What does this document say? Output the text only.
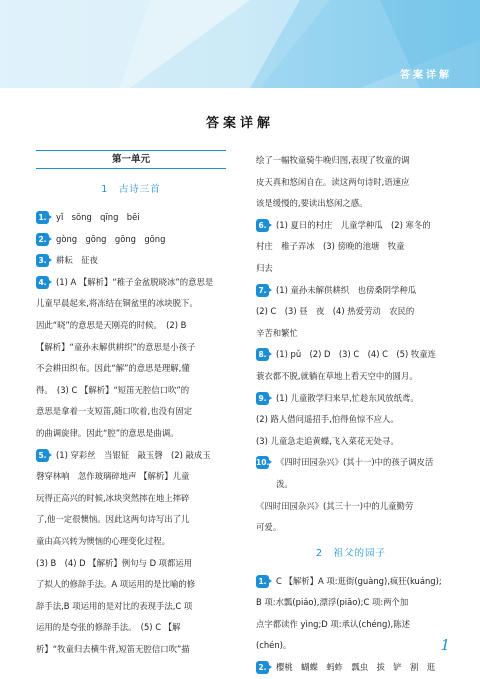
答案详解
答案详解
第一单元
1　古诗三首
1. yǐ　sōng　qīng　bēi
2. gòng　gōng　gōng　gōng
3. 耕耘　征夜
4. (1) A 【解析】“稚子金盆脱晓冰”的意思是
儿童早晨起来,将冻结在铜盆里的冰块脱下。
因此“晓”的意思是天刚亮的时候。　(2) B
【解析】“童孙未解供耕织”的意思是小孩子
不会耕田织布。因此“解”的意思是理解,懂
得。　(3) C 【解析】“短笛无腔信口吹”的
意思是拿着一支短笛,随口吹着,也没有固定
的曲调旋律。因此“腔”的意思是曲调。
5. (1) 穿彩丝　当银钲　敲玉磬　(2) 敲成玉
磬穿林响　忽作玻璃碎地声 【解析】儿童
玩得正高兴的时候,冰块突然摔在地上摔碎
了,他一定很懊恼。因此这两句诗写出了儿
童由高兴转为懊恼的心理变化过程。
(3) B　(4) D 【解析】例句与 D 项都运用
了拟人的修辞手法。A 项运用的是比喻的修
辞手法,B 项运用的是对比的表现手法,C 项
运用的是夸张的修辞手法。　(5) C 【解
析】“牧童归去横牛背,短笛无腔信口吹”描
绘了一幅牧童骑牛晚归图,表现了牧童的调
皮天真和悠闲自在。读这两句诗时,语速应
该是缓慢的,要读出悠闲之感。
6. (1) 夏日的村庄　儿童学种瓜　(2) 寒冬的
村庄　稚子弄冰　(3) 傍晚的池塘　牧童
归去
7. (1) 童孙未解供耕织　也傍桑阴学种瓜
(2) C　(3) 昼　夜　(4) 热爱劳动　农民的
辛苦和繁忙
8. (1) pǔ　(2) D　(3) C　(4) C　(5) 牧童连
蓑衣都不脱,就躺在草地上看天空中的圆月。
9. (1) 儿童散学归来早,忙趁东风放纸鸢。
(2) 路人借问遥招手,怕得鱼惊不应人。
(3) 儿童急走追黄蝶,飞入菜花无处寻。
10. 《四时田园杂兴》(其十一)中的孩子调皮活泼。
《四时田园杂兴》(其三十一)中的儿童勤劳
可爱。
2　祖父的园子
1. C 【解析】A 项:逛街(guàng),疯狂(kuáng);
B 项:水瓢(piáo),漂浮(piāo);C 项:两个加
点字都读作 yìng;D 项:承认(chéng),陈述
(chén)。
2. 樱桃　蝴蝶　蚂蚱　瓢虫　拔　铲　割　逛
1
